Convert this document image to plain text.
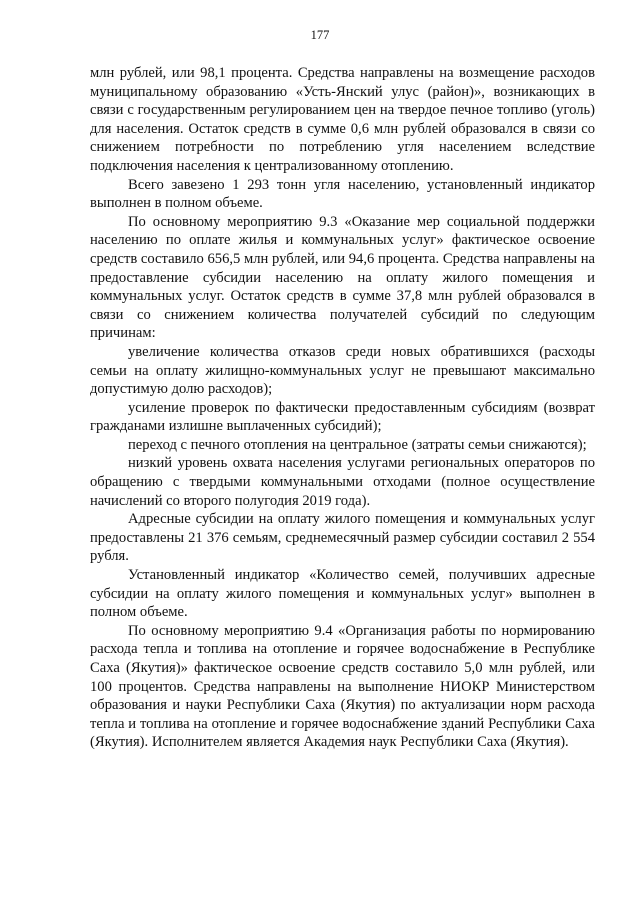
177

млн рублей, или 98,1 процента. Средства направлены на возмещение расходов муниципальному образованию «Усть-Янский улус (район)», возникающих в связи с государственным регулированием цен на твердое печное топливо (уголь) для населения. Остаток средств в сумме 0,6 млн рублей образовался в связи со снижением потребности по потреблению угля населением вследствие подключения населения к централизованному отоплению.

Всего завезено 1 293 тонн угля населению, установленный индикатор выполнен в полном объеме.

По основному мероприятию 9.3 «Оказание мер социальной поддержки населению по оплате жилья и коммунальных услуг» фактическое освоение средств составило 656,5 млн рублей, или 94,6 процента. Средства направлены на предоставление субсидии населению на оплату жилого помещения и коммунальных услуг. Остаток средств в сумме 37,8 млн рублей образовался в связи со снижением количества получателей субсидий по следующим причинам:

увеличение количества отказов среди новых обратившихся (расходы семьи на оплату жилищно-коммунальных услуг не превышают максимально допустимую долю расходов);

усиление проверок по фактически предоставленным субсидиям (возврат гражданами излишне выплаченных субсидий);

переход с печного отопления на центральное (затраты семьи снижаются);

низкий уровень охвата населения услугами региональных операторов по обращению с твердыми коммунальными отходами (полное осуществление начислений со второго полугодия 2019 года).

Адресные субсидии на оплату жилого помещения и коммунальных услуг предоставлены 21 376 семьям, среднемесячный размер субсидии составил 2 554 рубля.

Установленный индикатор «Количество семей, получивших адресные субсидии на оплату жилого помещения и коммунальных услуг» выполнен в полном объеме.

По основному мероприятию 9.4 «Организация работы по нормированию расхода тепла и топлива на отопление и горячее водоснабжение в Республике Саха (Якутия)» фактическое освоение средств составило 5,0 млн рублей, или 100 процентов. Средства направлены на выполнение НИОКР Министерством образования и науки Республики Саха (Якутия) по актуализации норм расхода тепла и топлива на отопление и горячее водоснабжение зданий Республики Саха (Якутия). Исполнителем является Академия наук Республики Саха (Якутия).
